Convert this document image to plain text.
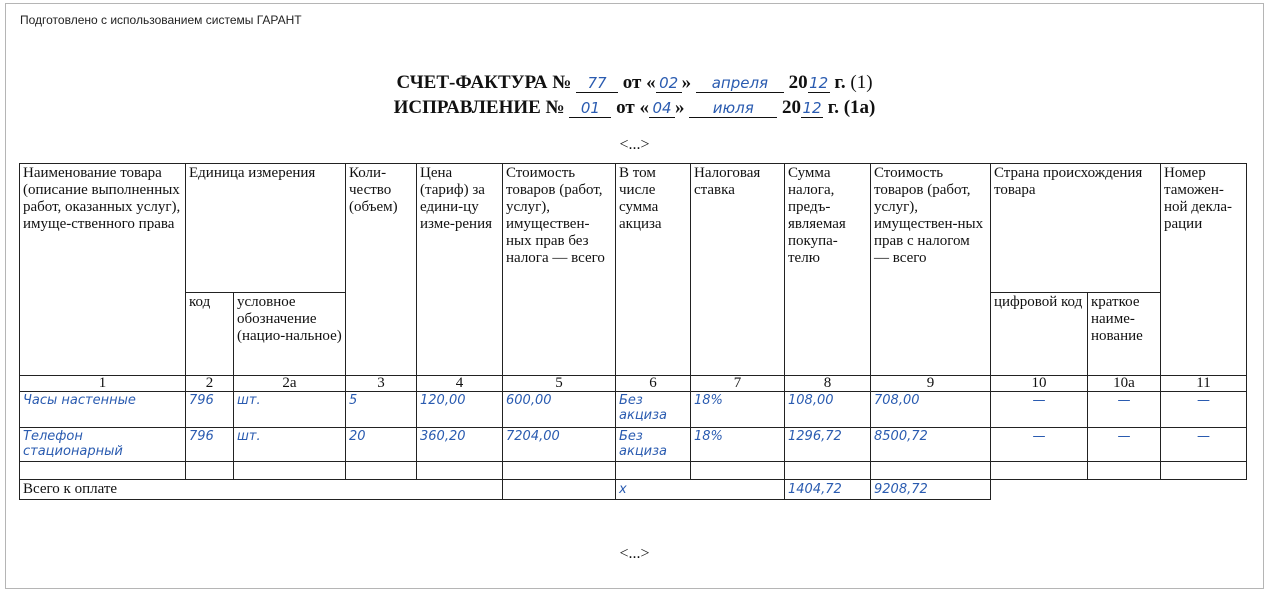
Подготовлено с использованием системы ГАРАНТ
СЧЕТ-ФАКТУРА № 77 от « 02 » апреля 2012 г. (1)
ИСПРАВЛЕНИЕ № 01 от « 04 » июля 2012 г. (1а)
<...>
Наименование товара (описание выполненных работ, оказанных услуг), имуще-ственного права	Единица измерения		Коли-чество (объем)	Цена (тариф) за едини-цу изме-рения	Стоимость товаров (работ, услуг), имуществен-ных прав без налога — всего	В том числе сумма акциза	Налоговая ставка	Сумма налога, предъ-являемая покупа-телю	Стоимость товаров (работ, услуг), имуществен-ных прав с налогом — всего	Страна происхождения товара		Номер таможен-ной декла-рации
	код	условное обозначение (нацио-нальное)								цифровой код	краткое наиме-нование	
1	2	2а	3	4	5	6	7	8	9	10	10а	11
Часы настенные	796	шт.	5	120,00	600,00	Без акциза	18%	108,00	708,00	—	—	—
Телефон стационарный	796	шт.	20	360,20	7204,00	Без акциза	18%	1296,72	8500,72	—	—	—

Всего к оплате						х		1404,72	9208,72			
<...>
